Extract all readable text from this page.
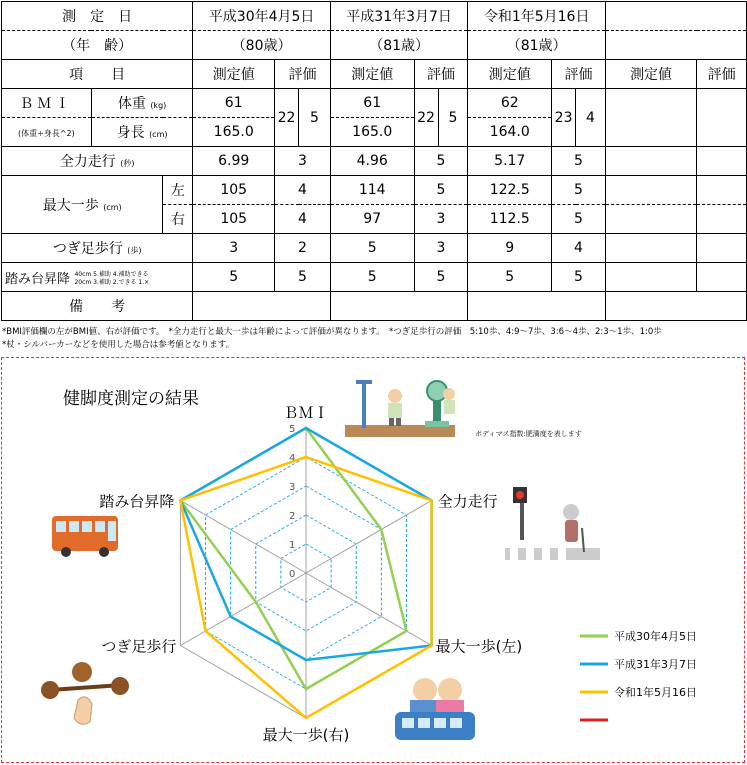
測　定　日			平成30年4月5日			平成31年3月7日			令和1年5月16日				
（年　齢）			（80歳）			（81歳）			（81歳）				
項　　目			測定値	評価		測定値	評価		測定値	評価		測定値	評価
ＢＭＩ	体重 (kg)		61	22	5	61	22	5	62	23	4		
(体重÷身長^2)	身長 (cm)		165.0			165.0			164.0				
全力走行 (秒)			6.99	3		4.96	5		5.17	5			
最大一歩 (cm)		左	105	4		114	5		122.5	5			
		右	105	4		97	3		112.5	5			
つぎ足歩行 (歩)			3	2		5	3		9	4			
踏み台昇降 40cm 5.補助 4.補助できる
20cm 3.補助 2.できる 1.×			5	5		5	5		5	5			
備　　考													
*BMI評価欄の左がBMI値、右が評価です。　*全力走行と最大一歩は年齢によって評価が異なります。　*つぎ足歩行の評価　5:10歩、4:9〜7歩、3:6〜4歩、2:3〜1歩、1:0歩
*杖・シルバーカーなどを使用した場合は参考値となります。
健脚度測定の結果
ボディマス指数:肥満度を表します
0
1
2
3
4
5
ＢＭＩ
全力走行
最大一歩(左)
最大一歩(右)
つぎ足歩行
踏み台昇降
平成30年4月5日
平成31年3月7日
令和1年5月16日
